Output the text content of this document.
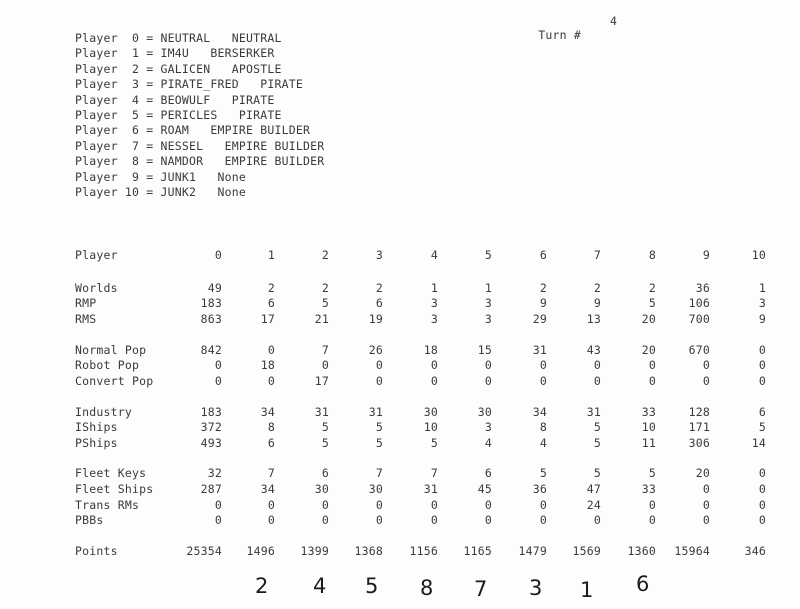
Turn #

4

Player  0 = NEUTRAL   NEUTRAL
Player  1 = IM4U   BERSERKER
Player  2 = GALICEN   APOSTLE
Player  3 = PIRATE_FRED   PIRATE
Player  4 = BEOWULF   PIRATE
Player  5 = PERICLES   PIRATE
Player  6 = ROAM   EMPIRE BUILDER
Player  7 = NESSEL   EMPIRE BUILDER
Player  8 = NAMDOR   EMPIRE BUILDER
Player  9 = JUNK1   None
Player 10 = JUNK2   None
Player	0	1	2	3	4	5	6	7	8	9	10
Worlds	49	2	2	2	1	1	2	2	2	36	1
RMP	183	6	5	6	3	3	9	9	5	106	3
RMS	863	17	21	19	3	3	29	13	20	700	9
Normal Pop	842	0	7	26	18	15	31	43	20	670	0
Robot Pop	0	18	0	0	0	0	0	0	0	0	0
Convert Pop	0	0	17	0	0	0	0	0	0	0	0
Industry	183	34	31	31	30	30	34	31	33	128	6
IShips	372	8	5	5	10	3	8	5	10	171	5
PShips	493	6	5	5	5	4	4	5	11	306	14
Fleet Keys	32	7	6	7	7	6	5	5	5	20	0
Fleet Ships	287	34	30	30	31	45	36	47	33	0	0
Trans RMs	0	0	0	0	0	0	0	24	0	0	0
PBBs	0	0	0	0	0	0	0	0	0	0	0
Points	25354	1496	1399	1368	1156	1165	1479	1569	1360	15964	346
2 4 5 8 7 3 1 6
